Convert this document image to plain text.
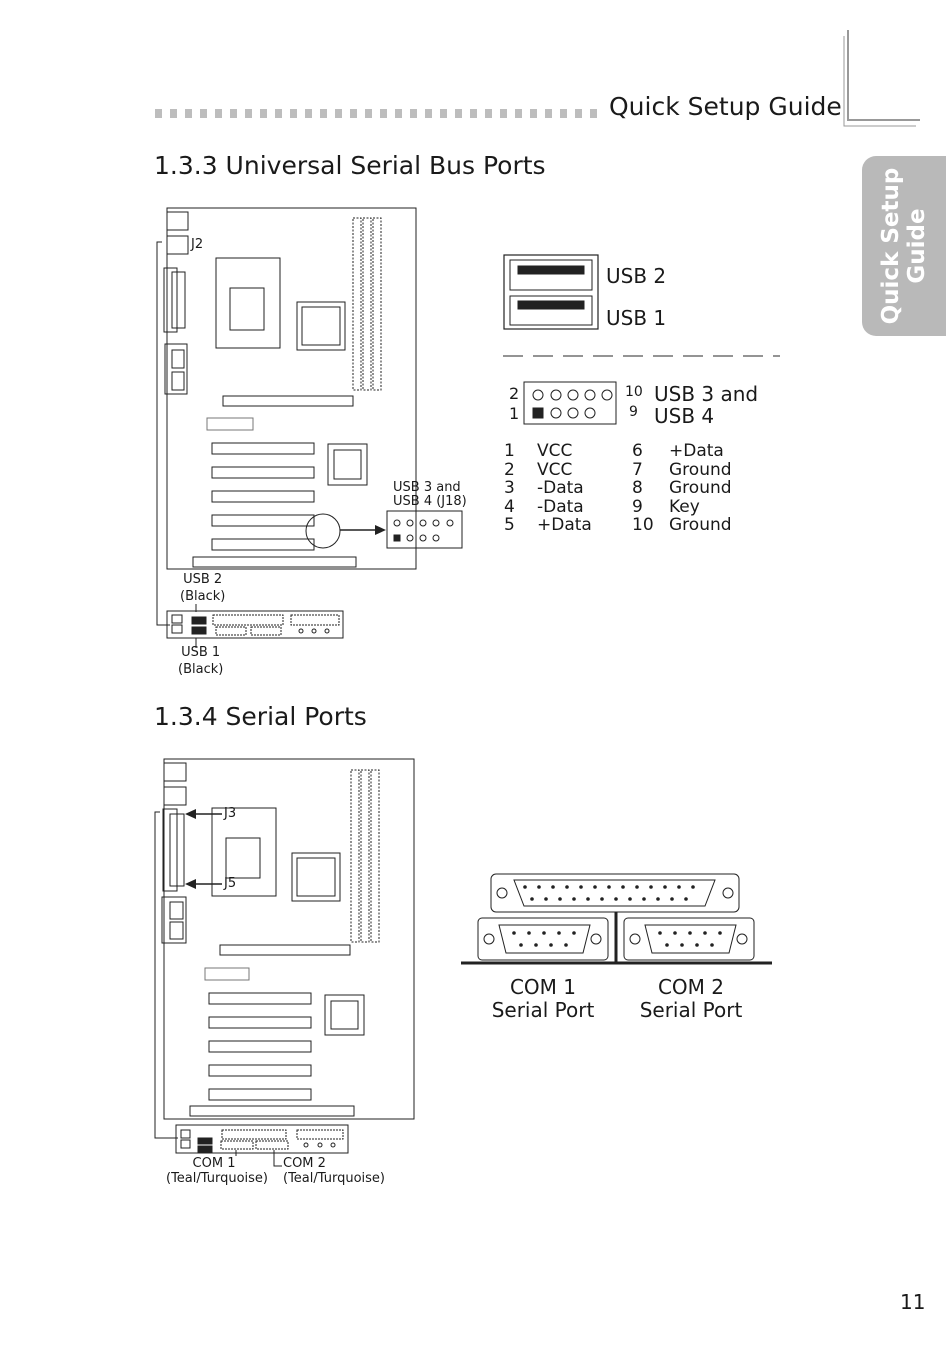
Quick Setup Guide
Quick Setup Guide
1.3.3 Universal Serial Bus Ports
J2
USB 3 and
USB 4 (J18)
USB 2
(Black)
USB 1
(Black)
USB 2
USB 1
2
1
10
9
USB 3 and
USB 4
1 VCC
2 VCC
3 -Data
4 -Data
5 +Data
6 +Data
7 Ground
8 Ground
9 Key
10 Ground
1.3.4 Serial Ports
J3
J5
COM 1
(Teal/Turquoise)
COM 2
(Teal/Turquoise)
COM 1
Serial Port
COM 2
Serial Port
11
